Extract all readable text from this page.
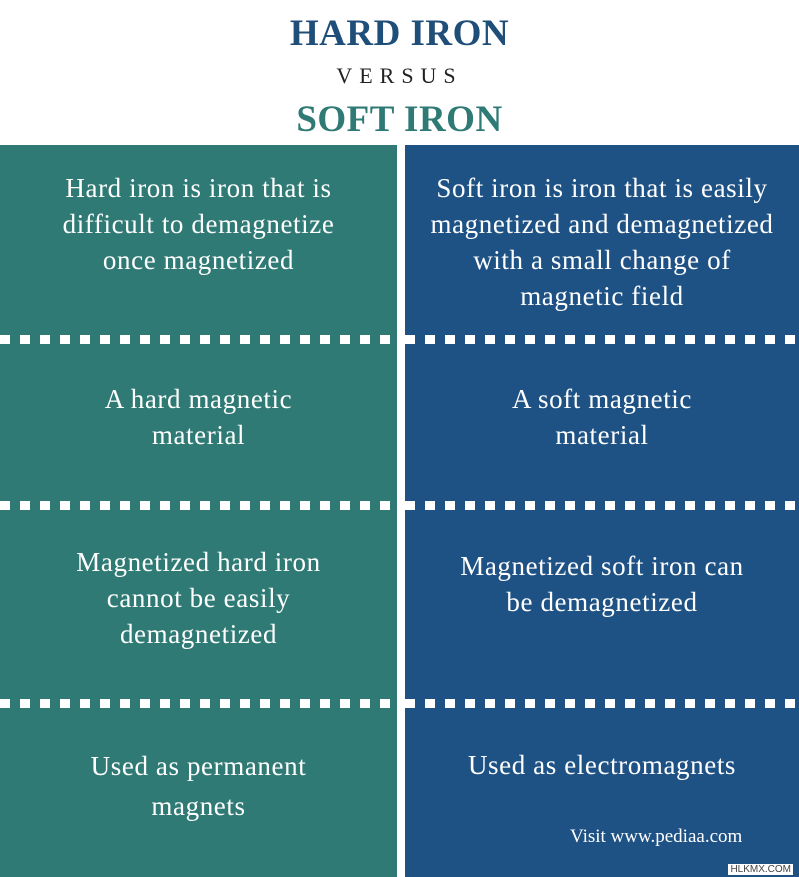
HARD IRON
VERSUS
SOFT IRON
Hard iron is iron that is difficult to demagnetize once magnetized
A hard magnetic material
Magnetized hard iron cannot be easily demagnetized
Used as permanent magnets
Soft iron is iron that is easily magnetized and demagnetized with a small change of magnetic field
A soft magnetic material
Magnetized soft iron can be demagnetized
Used as electromagnets
Visit www.pediaa.com
HLKMX.COM
